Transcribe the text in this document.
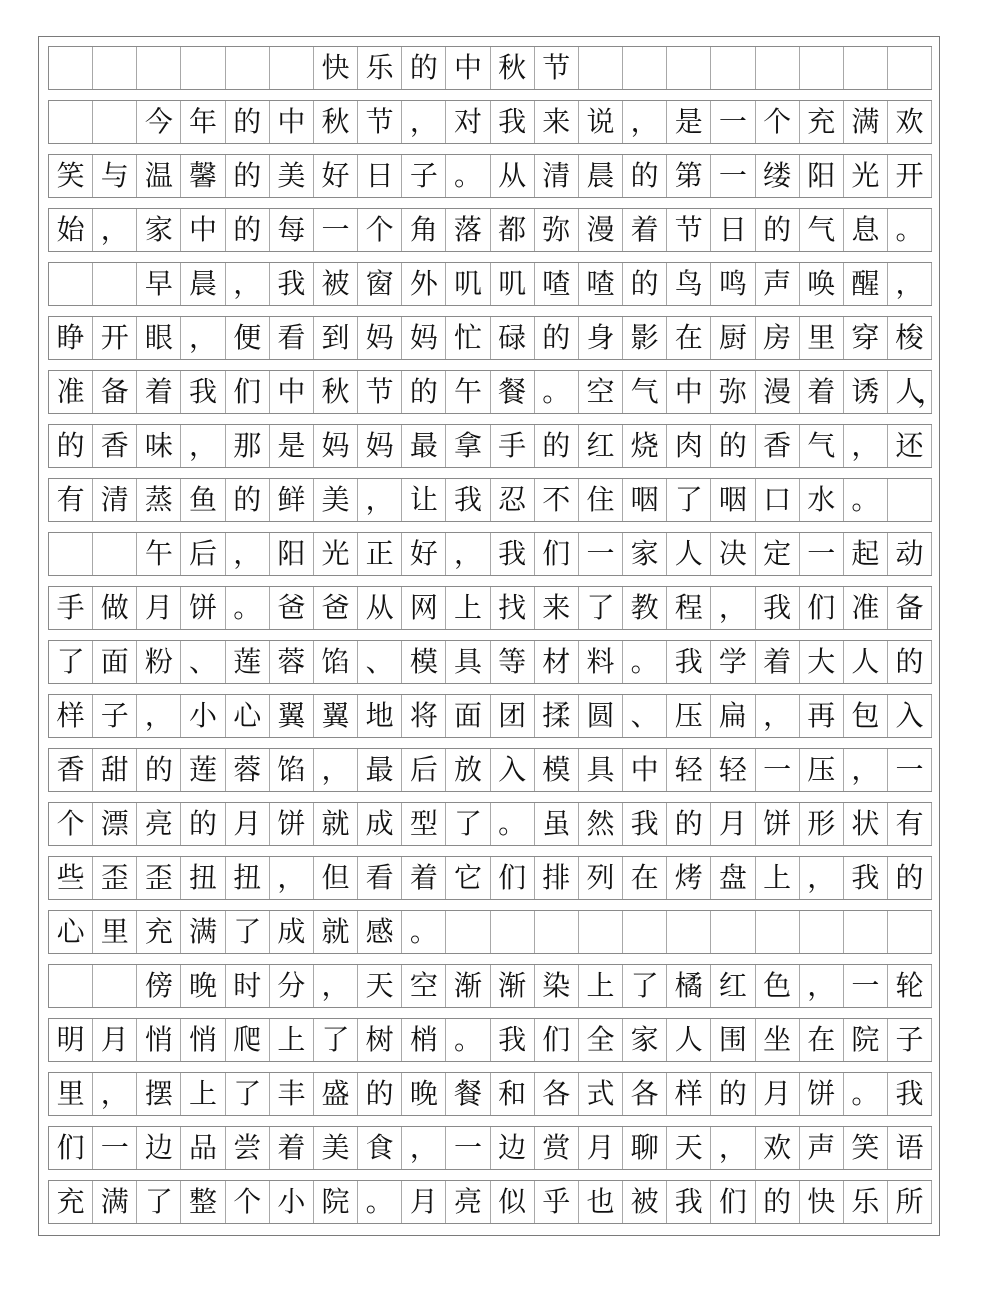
快 乐 的 中 秋 节
今 年 的 中 秋 节 ， 对 我 来 说 ， 是 一 个 充 满 欢
笑 与 温 馨 的 美 好 日 子 。 从 清 晨 的 第 一 缕 阳 光 开
始 ， 家 中 的 每 一 个 角 落 都 弥 漫 着 节 日 的 气 息 。
早 晨 ， 我 被 窗 外 叽 叽 喳 喳 的 鸟 鸣 声 唤 醒 ，
睁 开 眼 ， 便 看 到 妈 妈 忙 碌 的 身 影 在 厨 房 里 穿 梭
准 备 着 我 们 中 秋 节 的 午 餐 。 空 气 中 弥 漫 着 诱 人
，
的 香 味 ， 那 是 妈 妈 最 拿 手 的 红 烧 肉 的 香 气 ， 还
有 清 蒸 鱼 的 鲜 美 ， 让 我 忍 不 住 咽 了 咽 口 水 。
午 后 ， 阳 光 正 好 ， 我 们 一 家 人 决 定 一 起 动
手 做 月 饼 。 爸 爸 从 网 上 找 来 了 教 程 ， 我 们 准 备
了 面 粉 、 莲 蓉 馅 、 模 具 等 材 料 。 我 学 着 大 人 的
样 子 ， 小 心 翼 翼 地 将 面 团 揉 圆 、 压 扁 ， 再 包 入
香 甜 的 莲 蓉 馅 ， 最 后 放 入 模 具 中 轻 轻 一 压 ， 一
个 漂 亮 的 月 饼 就 成 型 了 。 虽 然 我 的 月 饼 形 状 有
些 歪 歪 扭 扭 ， 但 看 着 它 们 排 列 在 烤 盘 上 ， 我 的
心 里 充 满 了 成 就 感 。
傍 晚 时 分 ， 天 空 渐 渐 染 上 了 橘 红 色 ， 一 轮
明 月 悄 悄 爬 上 了 树 梢 。 我 们 全 家 人 围 坐 在 院 子
里 ， 摆 上 了 丰 盛 的 晚 餐 和 各 式 各 样 的 月 饼 。 我
们 一 边 品 尝 着 美 食 ， 一 边 赏 月 聊 天 ， 欢 声 笑 语
充 满 了 整 个 小 院 。 月 亮 似 乎 也 被 我 们 的 快 乐 所
